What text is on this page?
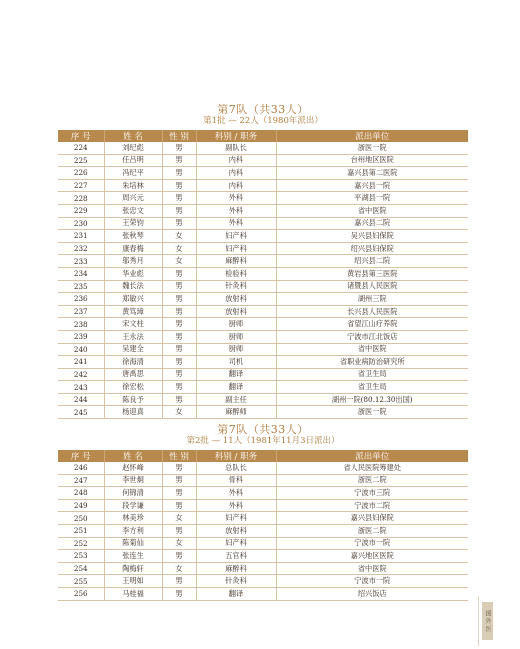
第7队（共33人）
第1批 — 22人（1980年派出）
序 号	姓 名	性 别	科别 / 职务	派出单位
224	刘纪彪	男	副队长	浙医一院
225	任吕明	男	内科	台州地区医院
226	冯纪平	男	内科	嘉兴县第二医院
227	朱培林	男	内科	嘉兴县一院
228	周兴元	男	外科	平湖县一院
229	张忠文	男	外科	省中医院
230	王荣钧	男	外科	嘉兴县二院
231	张秋琴	女	妇产科	吴兴县妇保院
232	康春梅	女	妇产科	绍兴县妇保院
233	邬秀月	女	麻醉科	绍兴县二院
234	华业彪	男	检验科	黄岩县第三医院
235	魏长法	男	针灸科	诸暨县人民医院
236	郑敏兴	男	放射科	湖州三院
237	黄笃璋	男	放射科	长兴县人民医院
238	宋文柱	男	厨师	省望江山疗养院
239	王永法	男	厨师	宁波市江北饭店
240	吴建全	男	厨师	省中医院
241	徐海清	男	司机	省职业病防治研究所
242	唐禹思	男	翻译	省卫生局
243	徐宏松	男	翻译	省卫生局
244	陈良予	男	副主任	湖州一院(80.12.30出国)
245	杨迎真	女	麻醉师	浙医一院
第7队（共33人）
第2批 — 11人（1981年11月3日派出）
序 号	姓 名	性 别	科别 / 职务	派出单位
246	赵怀峰	男	总队长	省人民医院筹建处
247	李世炯	男	骨科	浙医二院
248	何锦清	男	外科	宁波市三院
249	段学谦	男	外科	宁波市二院
250	林美珍	女	妇产科	嘉兴县妇保院
251	李方利	男	放射科	浙医二院
252	陈菊仙	女	妇产科	宁波市一院
253	张连生	男	五官科	嘉兴地区医院
254	陶梅轩	女	麻醉科	省中医院
255	王明如	男	针灸科	宁波市一院
256	马桂福	男	翻译	绍兴饭店
援 外 医
